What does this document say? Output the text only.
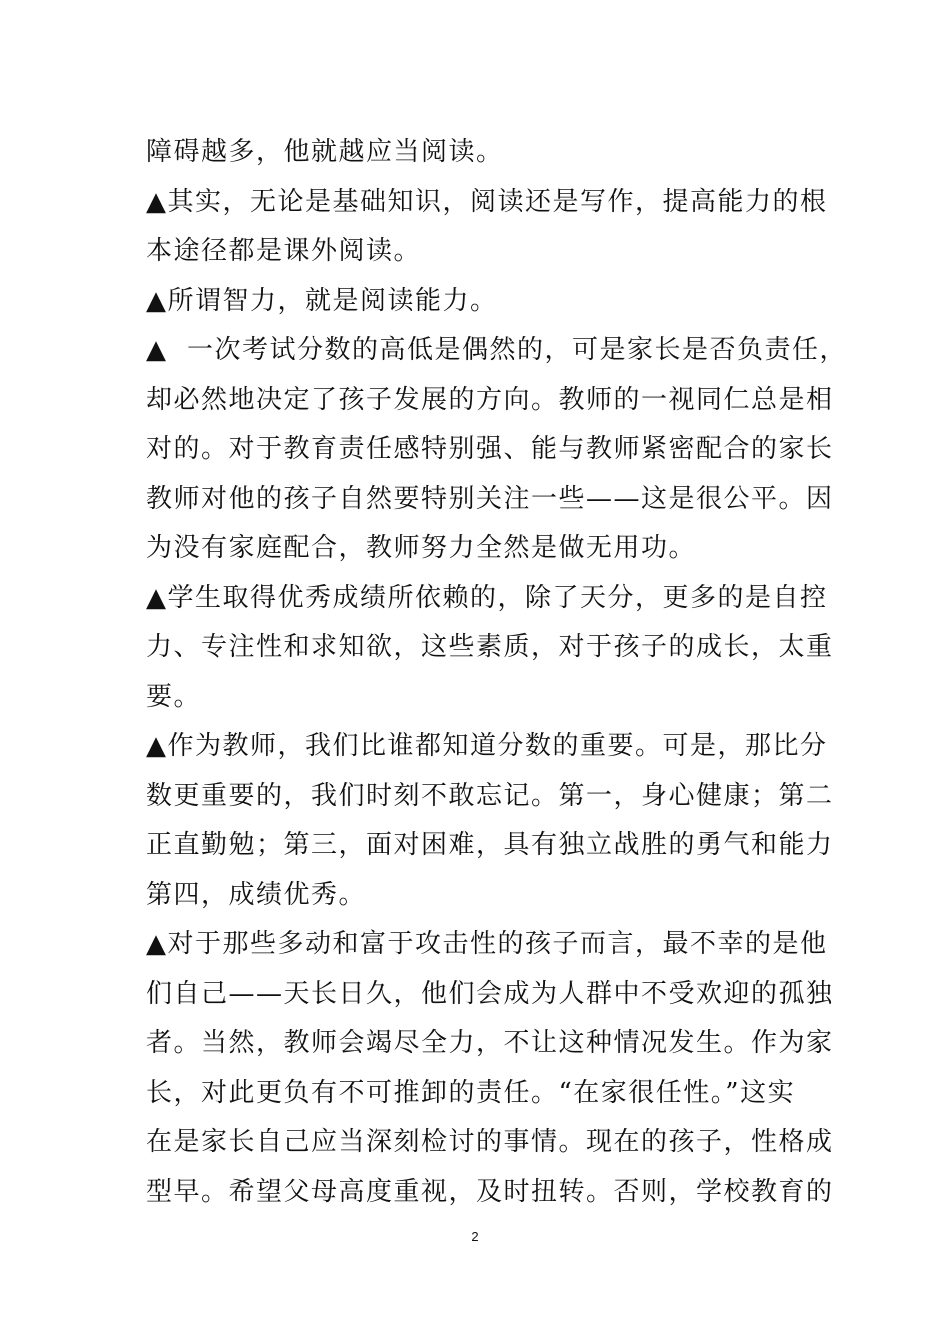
障碍越多，他就越应当阅读。

▲其实，无论是基础知识，阅读还是写作，提高能力的根
本途径都是课外阅读。

▲所谓智力，就是阅读能力。

▲  一次考试分数的高低是偶然的，可是家长是否负责任，
却必然地决定了孩子发展的方向。教师的一视同仁总是相
对的。对于教育责任感特别强、能与教师紧密配合的家长
教师对他的孩子自然要特别关注一些——这是很公平。因
为没有家庭配合，教师努力全然是做无用功。

▲学生取得优秀成绩所依赖的，除了天分，更多的是自控
力、专注性和求知欲，这些素质，对于孩子的成长，太重
要。

▲作为教师，我们比谁都知道分数的重要。可是，那比分
数更重要的，我们时刻不敢忘记。第一，身心健康；第二
正直勤勉；第三，面对困难，具有独立战胜的勇气和能力
第四，成绩优秀。

▲对于那些多动和富于攻击性的孩子而言，最不幸的是他
们自己——天长日久，他们会成为人群中不受欢迎的孤独
者。当然，教师会竭尽全力，不让这种情况发生。作为家
长，对此更负有不可推卸的责任。“在家很任性。”这实
在是家长自己应当深刻检讨的事情。现在的孩子，性格成
型早。希望父母高度重视，及时扭转。否则，学校教育的

2
